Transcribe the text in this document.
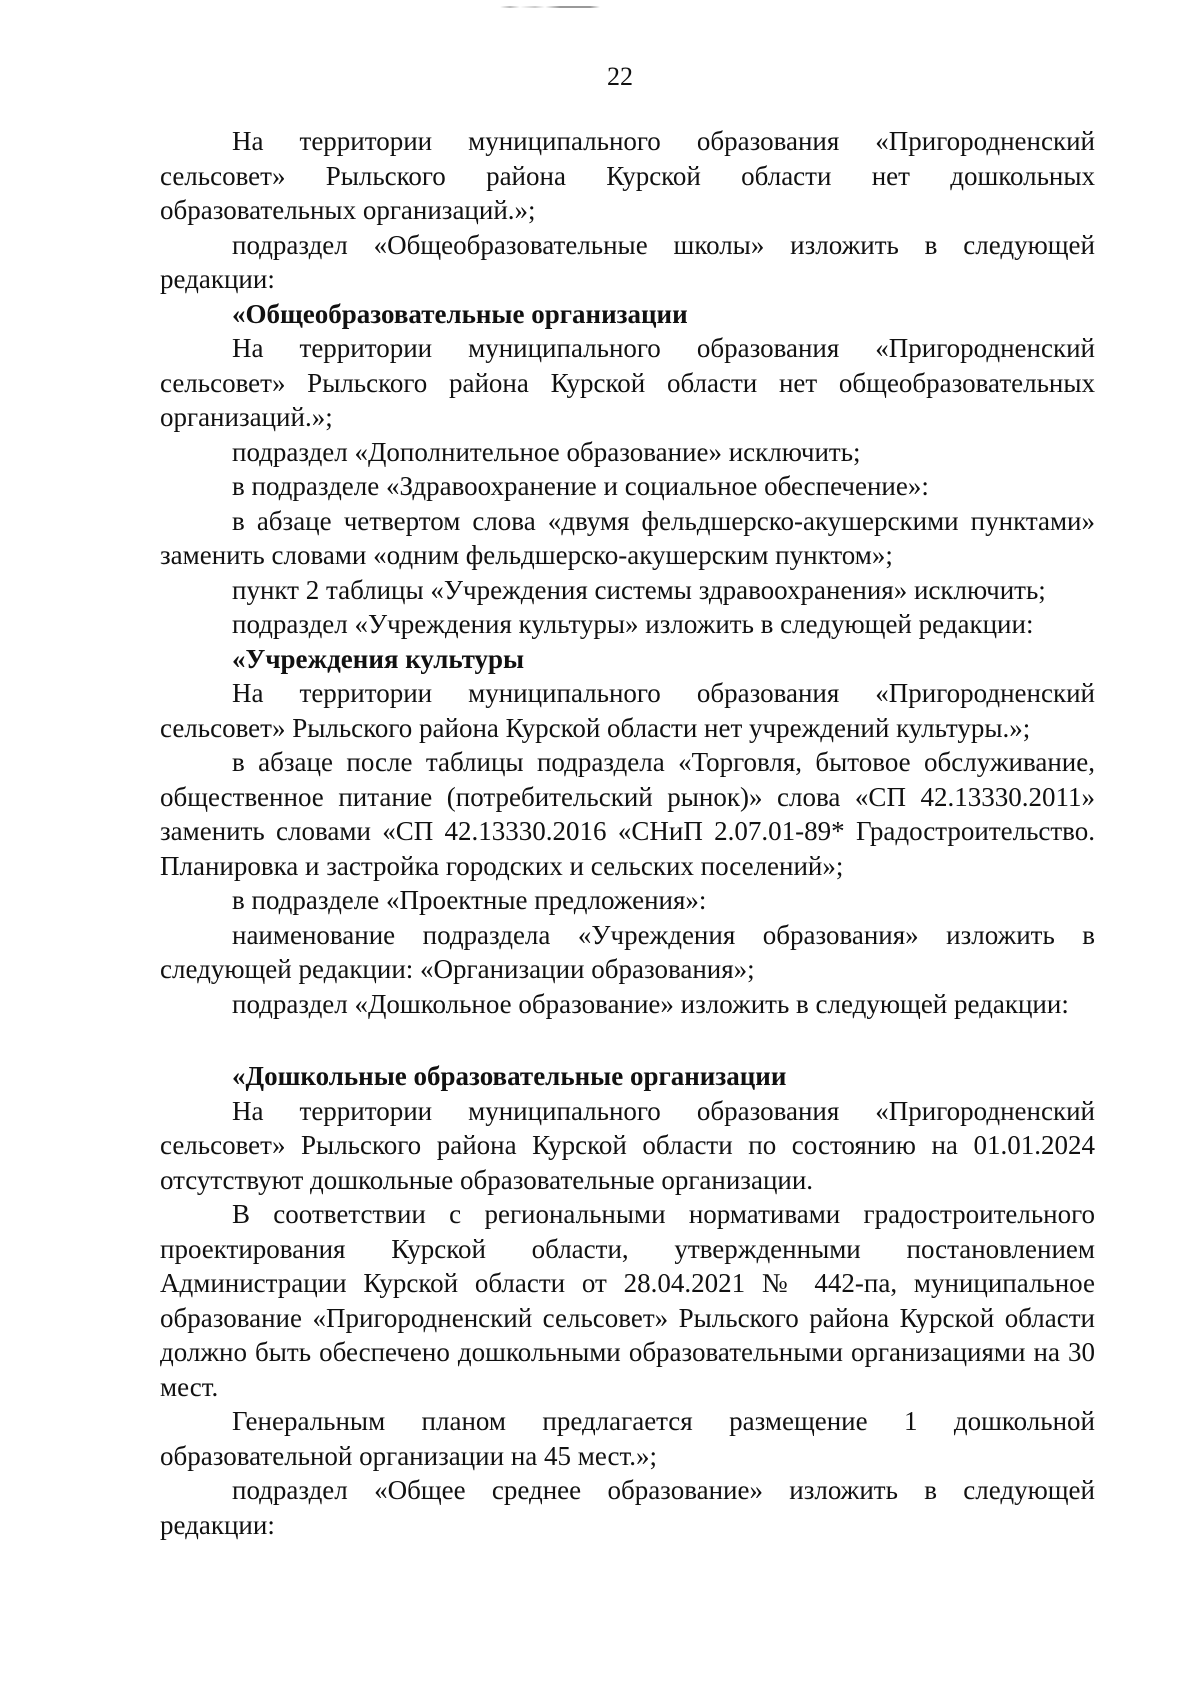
22

На территории муниципального образования «Пригородненский сельсовет» Рыльского района Курской области нет дошкольных образовательных организаций.»;

подраздел «Общеобразовательные школы» изложить в следующей редакции:

«Общеобразовательные организации

На территории муниципального образования «Пригородненский сельсовет» Рыльского района Курской области нет общеобразовательных организаций.»;

подраздел «Дополнительное образование» исключить;

в подразделе «Здравоохранение и социальное обеспечение»:

в абзаце четвертом слова «двумя фельдшерско-акушерскими пунктами» заменить словами «одним фельдшерско-акушерским пунктом»;

пункт 2 таблицы «Учреждения системы здравоохранения» исключить;

подраздел «Учреждения культуры» изложить в следующей редакции:

«Учреждения культуры

На территории муниципального образования «Пригородненский сельсовет» Рыльского района Курской области нет учреждений культуры.»;

в абзаце после таблицы подраздела «Торговля, бытовое обслуживание, общественное питание (потребительский рынок)» слова «СП 42.13330.2011» заменить словами «СП 42.13330.2016 «СНиП 2.07.01-89* Градостроительство. Планировка и застройка городских и сельских поселений»;

в подразделе «Проектные предложения»:

наименование подраздела «Учреждения образования» изложить в следующей редакции: «Организации образования»;

подраздел «Дошкольное образование» изложить в следующей редакции:

«Дошкольные образовательные организации

На территории муниципального образования «Пригородненский сельсовет» Рыльского района Курской области по состоянию на 01.01.2024 отсутствуют дошкольные образовательные организации.

В соответствии с региональными нормативами градостроительного проектирования Курской области, утвержденными постановлением Администрации Курской области от 28.04.2021 № 442-па, муниципальное образование «Пригородненский сельсовет» Рыльского района Курской области должно быть обеспечено дошкольными образовательными организациями на 30 мест.

Генеральным планом предлагается размещение 1 дошкольной образовательной организации на 45 мест.»;

подраздел «Общее среднее образование» изложить в следующей редакции:
